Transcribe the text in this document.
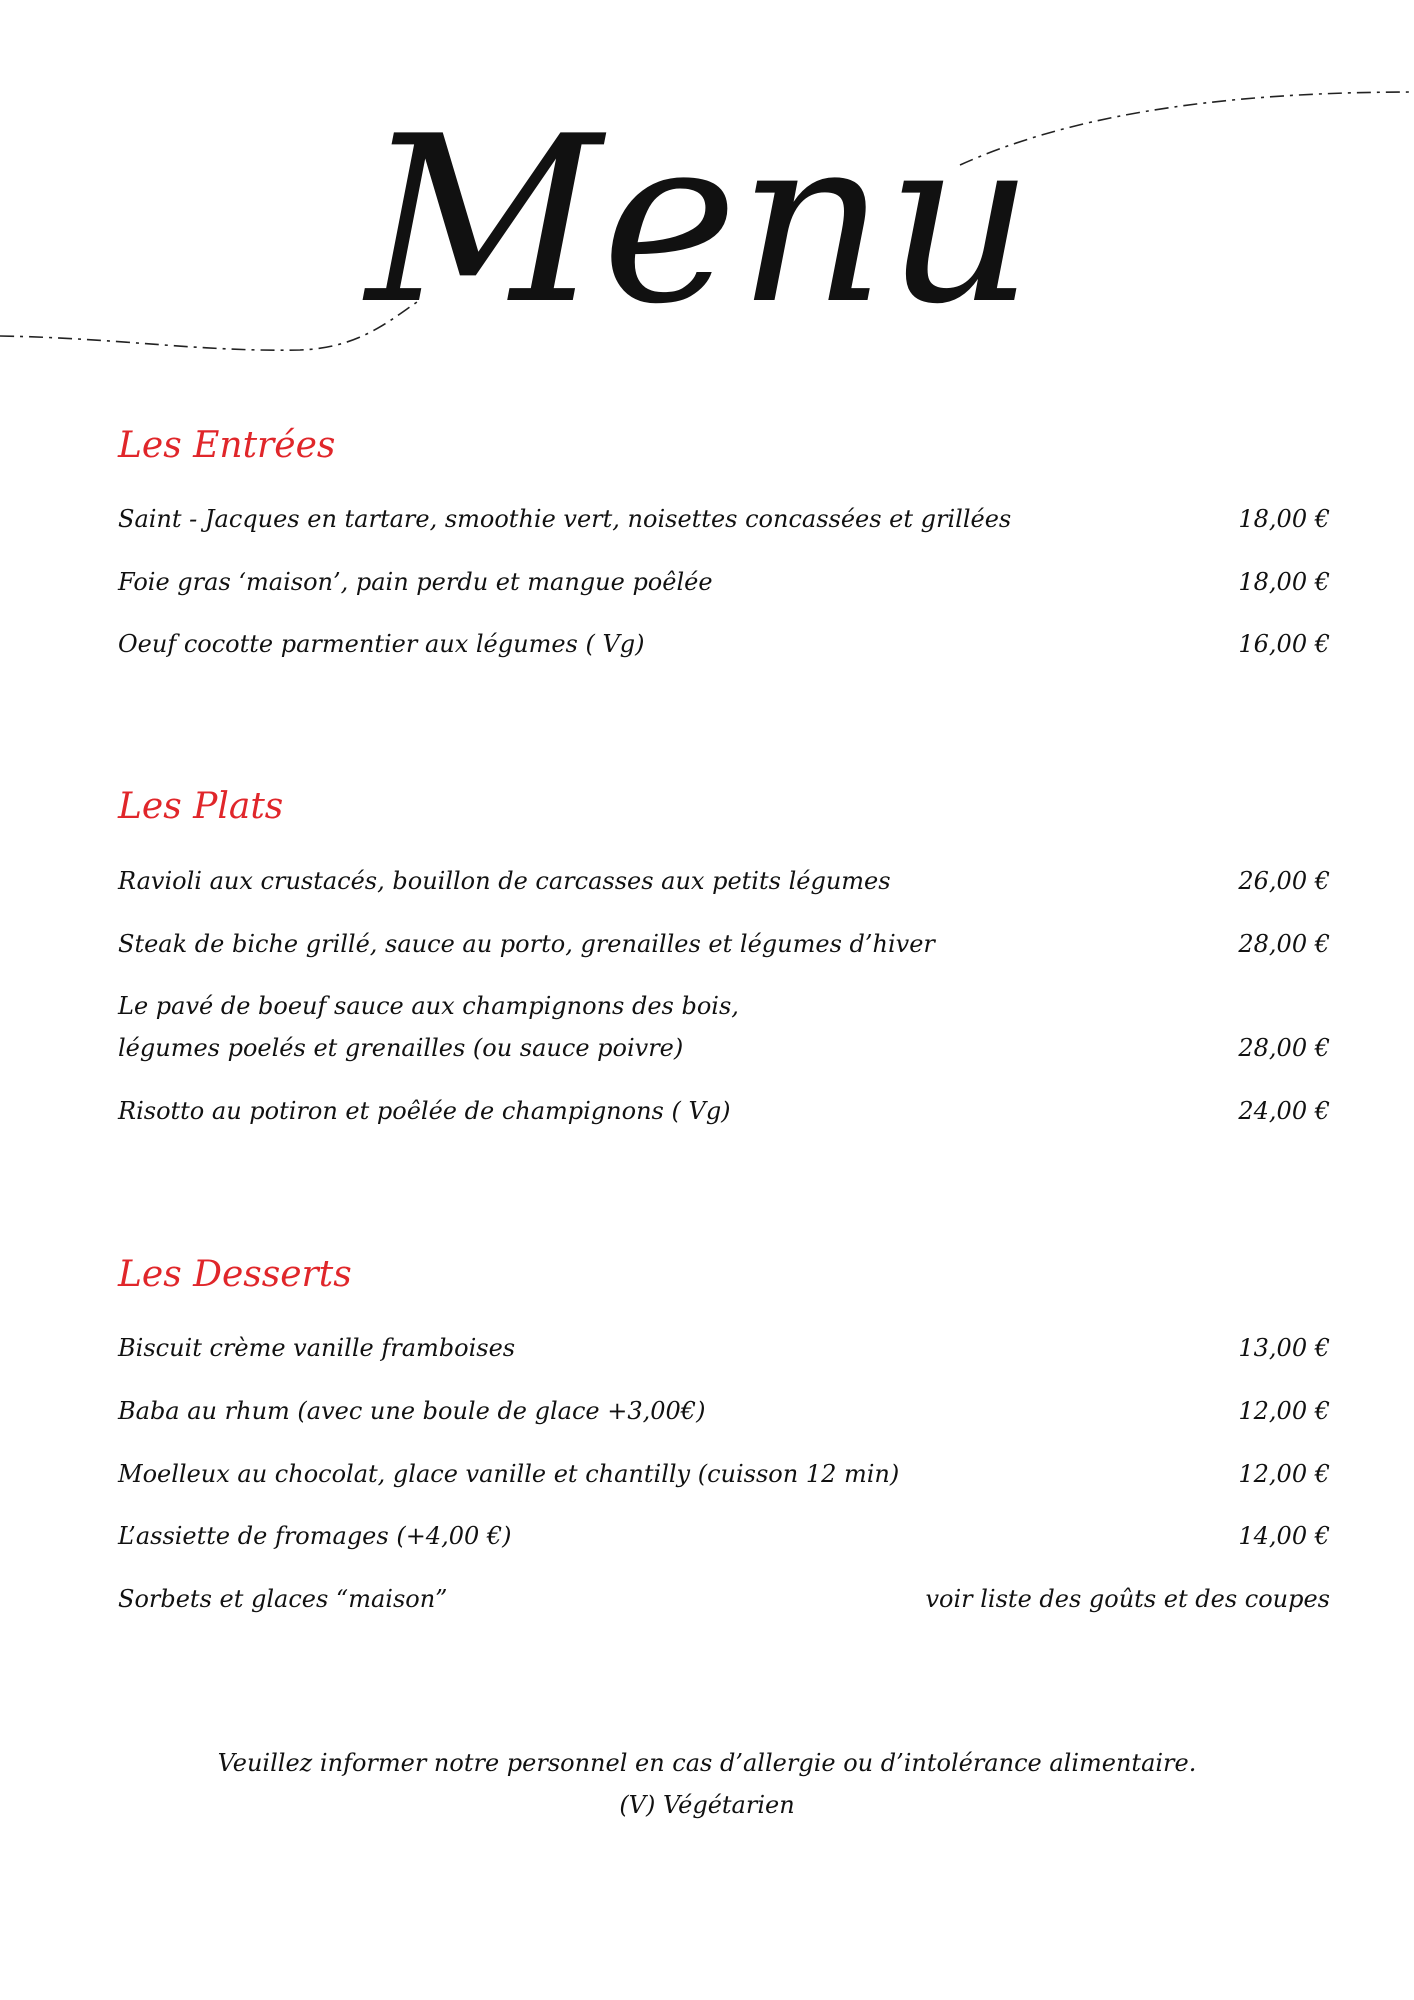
Menu
Les Entrées
Saint - Jacques en tartare, smoothie vert, noisettes concassées et grillées	18,00 €
Foie gras ‘maison’, pain perdu et mangue poêlée	18,00 €
Oeuf cocotte parmentier aux légumes ( Vg)	16,00 €
Les Plats
Ravioli aux crustacés, bouillon de carcasses aux petits légumes	26,00 €
Steak de biche grillé, sauce au porto, grenailles et légumes d’hiver	28,00 €
Le pavé de boeuf sauce aux champignons des bois,
légumes poelés et grenailles (ou sauce poivre)	28,00 €
Risotto au potiron et poêlée de champignons ( Vg)	24,00 €
Les Desserts
Biscuit crème vanille framboises	13,00 €
Baba au rhum (avec une boule de glace +3,00€)	12,00 €
Moelleux au chocolat, glace vanille et chantilly (cuisson 12 min)	12,00 €
L’assiette de fromages (+4,00 €)	14,00 €
Sorbets et glaces “maison”	voir liste des goûts et des coupes
Veuillez informer notre personnel en cas d’allergie ou d’intolérance alimentaire.
(V) Végétarien
